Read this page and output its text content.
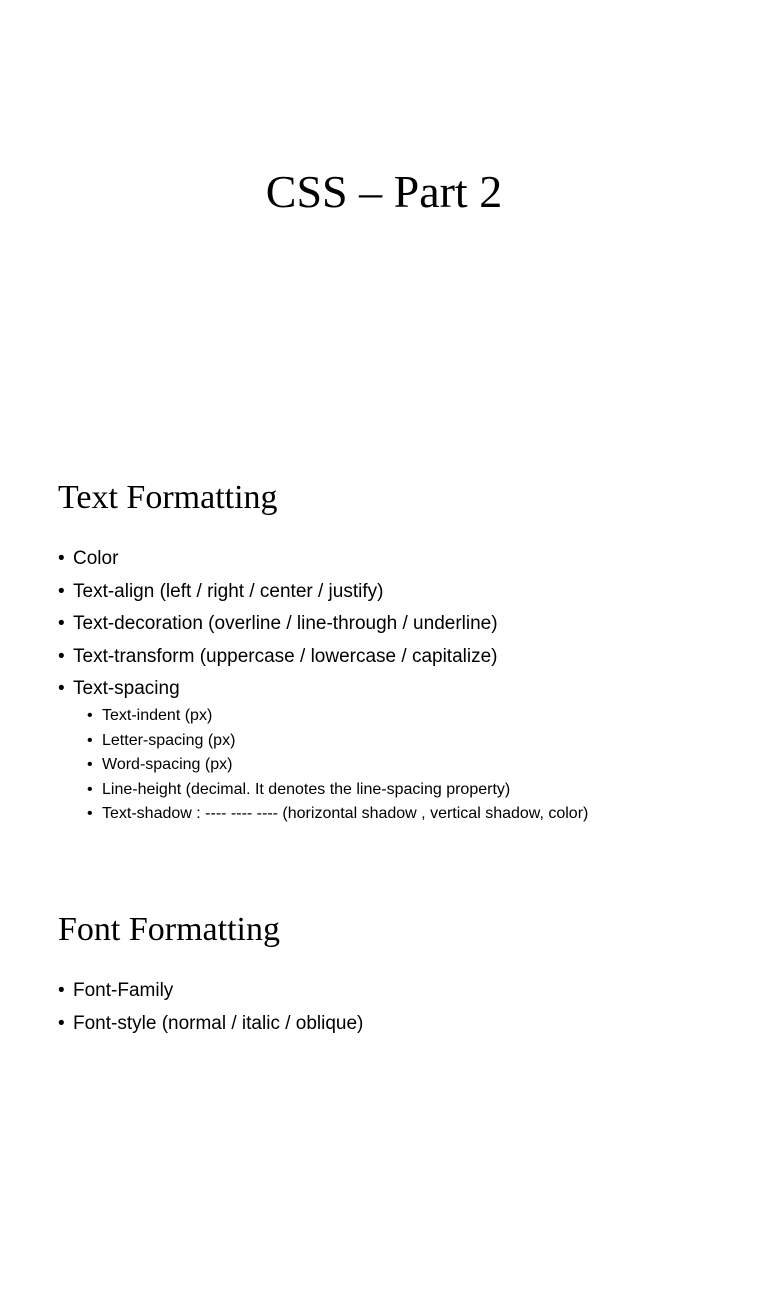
CSS – Part 2
Text Formatting
• Color
• Text-align (left / right / center / justify)
• Text-decoration (overline / line-through / underline)
• Text-transform (uppercase / lowercase / capitalize)
• Text-spacing
• Text-indent (px)
• Letter-spacing (px)
• Word-spacing (px)
• Line-height (decimal. It denotes the line-spacing property)
• Text-shadow : ---- ---- ---- (horizontal shadow , vertical shadow, color)
Font Formatting
• Font-Family
• Font-style (normal / italic / oblique)
